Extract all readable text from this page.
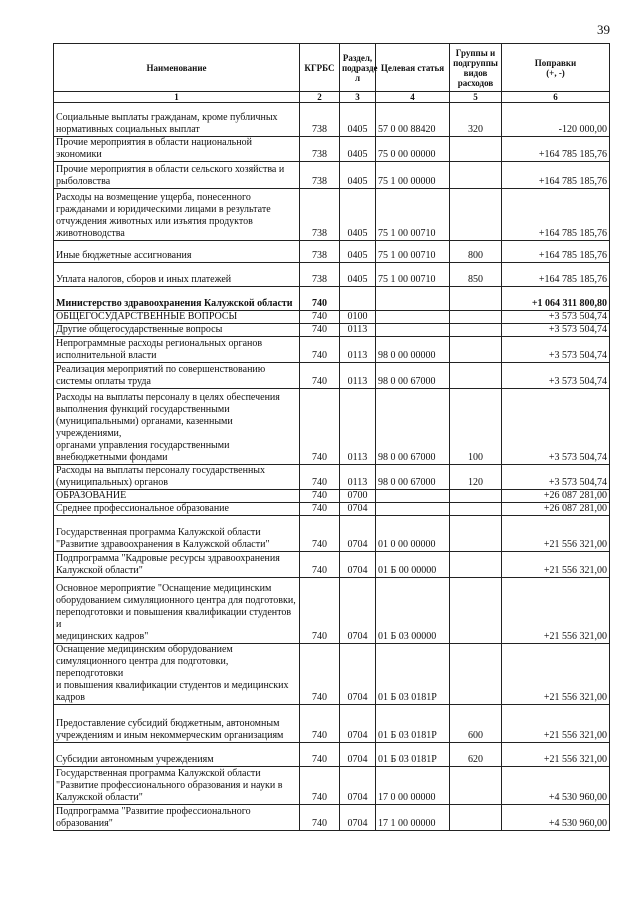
39
Наименование	КГРБС	Раздел,
подразде
л	Целевая статья	Группы и
подгруппы
видов
расходов	Поправки
(+, -)
1	2	3	4	5	6
Социальные выплаты гражданам, кроме публичных
нормативных социальных выплат	738	0405	57 0 00 88420	320	-120 000,00
Прочие мероприятия в области национальной экономики	738	0405	75 0 00 00000		+164 785 185,76
Прочие мероприятия в области сельского хозяйства и
рыболовства	738	0405	75 1 00 00000		+164 785 185,76
Расходы на возмещение ущерба, понесенного
гражданами и юридическими лицами в результате
отчуждения животных или изъятия продуктов
животноводства	738	0405	75 1 00 00710		+164 785 185,76
Иные бюджетные ассигнования	738	0405	75 1 00 00710	800	+164 785 185,76
Уплата налогов, сборов и иных платежей	738	0405	75 1 00 00710	850	+164 785 185,76
Министерство здравоохранения Калужской области	740				+1 064 311 800,80
ОБЩЕГОСУДАРСТВЕННЫЕ ВОПРОСЫ	740	0100			+3 573 504,74
Другие общегосударственные вопросы	740	0113			+3 573 504,74
Непрограммные расходы региональных органов
исполнительной власти	740	0113	98 0 00 00000		+3 573 504,74
Реализация мероприятий по совершенствованию
системы оплаты труда	740	0113	98 0 00 67000		+3 573 504,74
Расходы на выплаты персоналу в целях обеспечения
выполнения функций государственными
(муниципальными) органами, казенными учреждениями,
органами управления государственными
внебюджетными фондами	740	0113	98 0 00 67000	100	+3 573 504,74
Расходы на выплаты персоналу государственных
(муниципальных) органов	740	0113	98 0 00 67000	120	+3 573 504,74
ОБРАЗОВАНИЕ	740	0700			+26 087 281,00
Среднее профессиональное образование	740	0704			+26 087 281,00
Государственная программа Калужской области
"Развитие здравоохранения в Калужской области"	740	0704	01 0 00 00000		+21 556 321,00
Подпрограмма "Кадровые ресурсы здравоохранения
Калужской области"	740	0704	01 Б 00 00000		+21 556 321,00
Основное мероприятие "Оснащение медицинским
оборудованием симуляционного центра для подготовки,
переподготовки и повышения квалификации студентов и
медицинских кадров"	740	0704	01 Б 03 00000		+21 556 321,00
Оснащение медицинским оборудованием
симуляционного центра для подготовки, переподготовки
и повышения квалификации студентов и медицинских
кадров	740	0704	01 Б 03 0181Р		+21 556 321,00
Предоставление субсидий бюджетным, автономным
учреждениям и иным некоммерческим организациям	740	0704	01 Б 03 0181Р	600	+21 556 321,00
Субсидии автономным учреждениям	740	0704	01 Б 03 0181Р	620	+21 556 321,00
Государственная программа Калужской области
"Развитие профессионального образования и науки в
Калужской области"	740	0704	17 0 00 00000		+4 530 960,00
Подпрограмма "Развитие профессионального
образования"	740	0704	17 1 00 00000		+4 530 960,00
